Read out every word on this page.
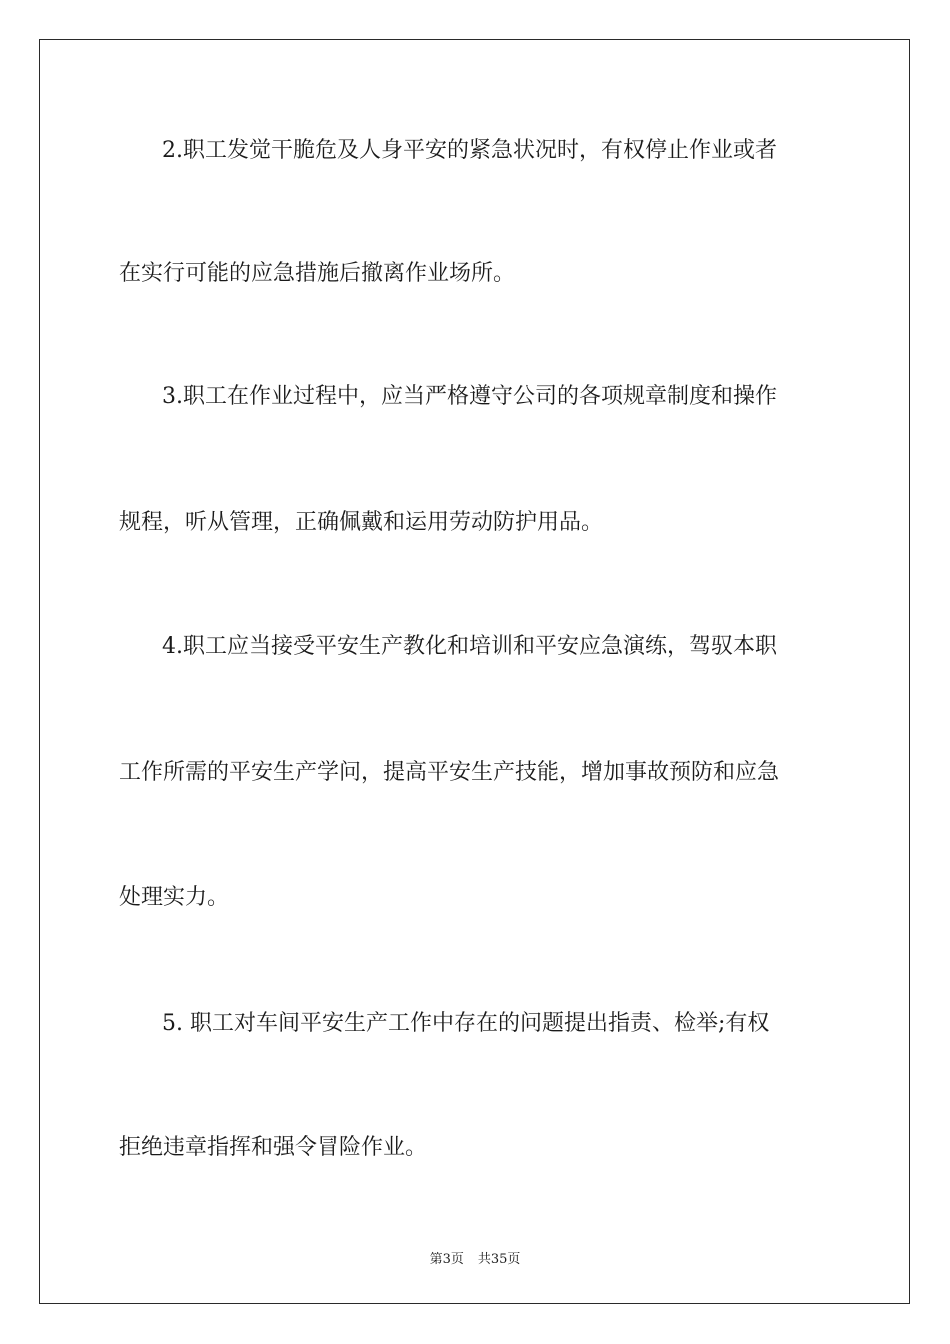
2.职工发觉干脆危及人身平安的紧急状况时，有权停止作业或者
在实行可能的应急措施后撤离作业场所。
3.职工在作业过程中，应当严格遵守公司的各项规章制度和操作
规程，听从管理，正确佩戴和运用劳动防护用品。
4.职工应当接受平安生产教化和培训和平安应急演练，驾驭本职
工作所需的平安生产学问，提高平安生产技能，增加事故预防和应急
处理实力。
5. 职工对车间平安生产工作中存在的问题提出指责、检举;有权
拒绝违章指挥和强令冒险作业。
第3页 共35页
